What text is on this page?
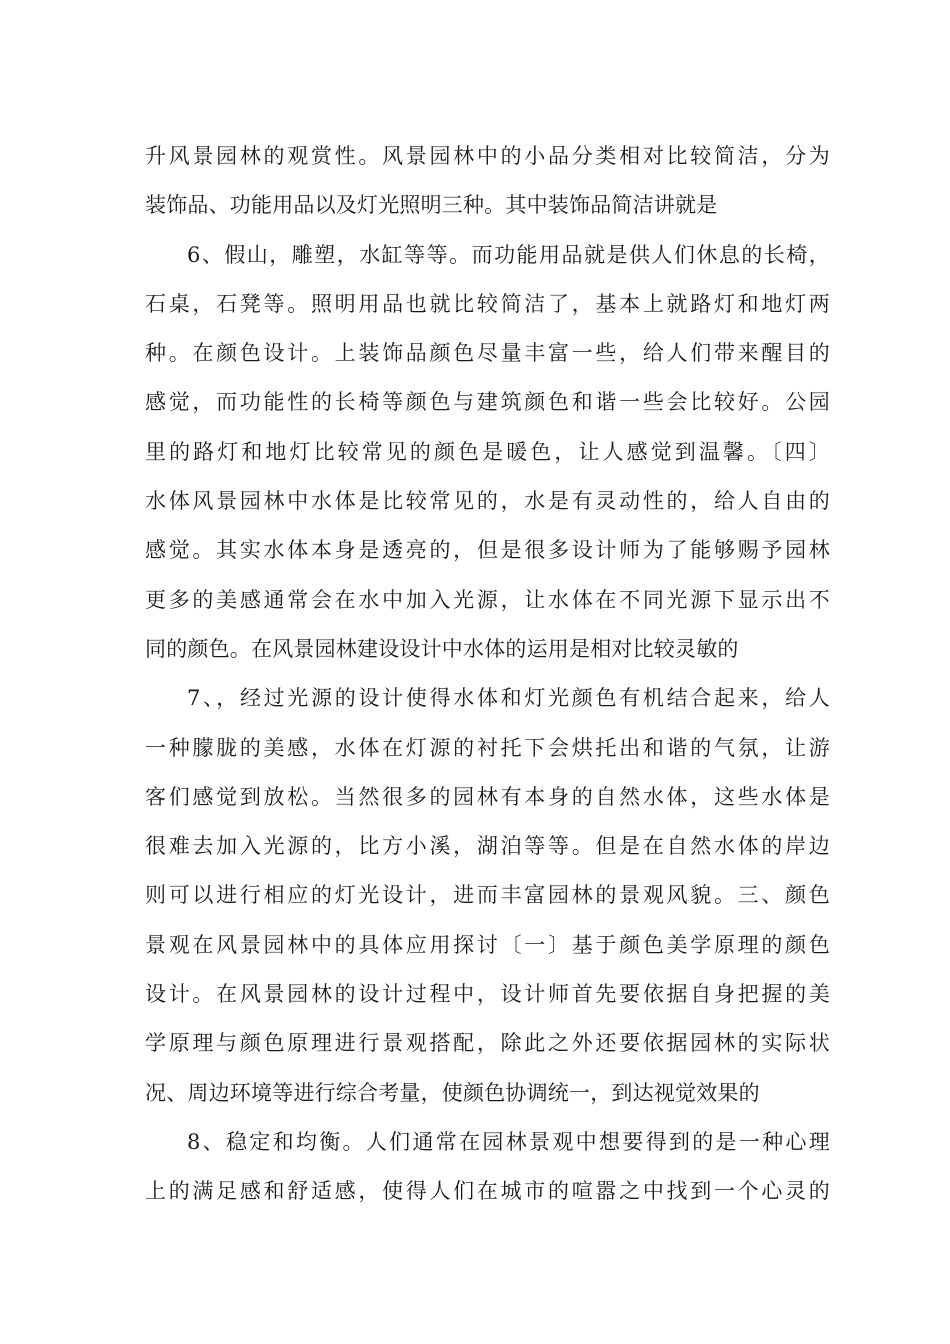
升风景园林的观赏性。风景园林中的小品分类相对比较简洁，分为
装饰品、功能用品以及灯光照明三种。其中装饰品简洁讲就是
6、假山，雕塑，水缸等等。而功能用品就是供人们休息的长椅，
石桌，石凳等。照明用品也就比较简洁了，基本上就路灯和地灯两
种。在颜色设计。上装饰品颜色尽量丰富一些，给人们带来醒目的
感觉，而功能性的长椅等颜色与建筑颜色和谐一些会比较好。公园
里的路灯和地灯比较常见的颜色是暖色，让人感觉到温馨。〔四〕
水体风景园林中水体是比较常见的，水是有灵动性的，给人自由的
感觉。其实水体本身是透亮的，但是很多设计师为了能够赐予园林
更多的美感通常会在水中加入光源，让水体在不同光源下显示出不
同的颜色。在风景园林建设设计中水体的运用是相对比较灵敏的
7、，经过光源的设计使得水体和灯光颜色有机结合起来，给人
一种朦胧的美感，水体在灯源的衬托下会烘托出和谐的气氛，让游
客们感觉到放松。当然很多的园林有本身的自然水体，这些水体是
很难去加入光源的，比方小溪，湖泊等等。但是在自然水体的岸边
则可以进行相应的灯光设计，进而丰富园林的景观风貌。三、颜色
景观在风景园林中的具体应用探讨〔一〕基于颜色美学原理的颜色
设计。在风景园林的设计过程中，设计师首先要依据自身把握的美
学原理与颜色原理进行景观搭配，除此之外还要依据园林的实际状
况、周边环境等进行综合考量，使颜色协调统一，到达视觉效果的
8、稳定和均衡。人们通常在园林景观中想要得到的是一种心理
上的满足感和舒适感，使得人们在城市的喧嚣之中找到一个心灵的
